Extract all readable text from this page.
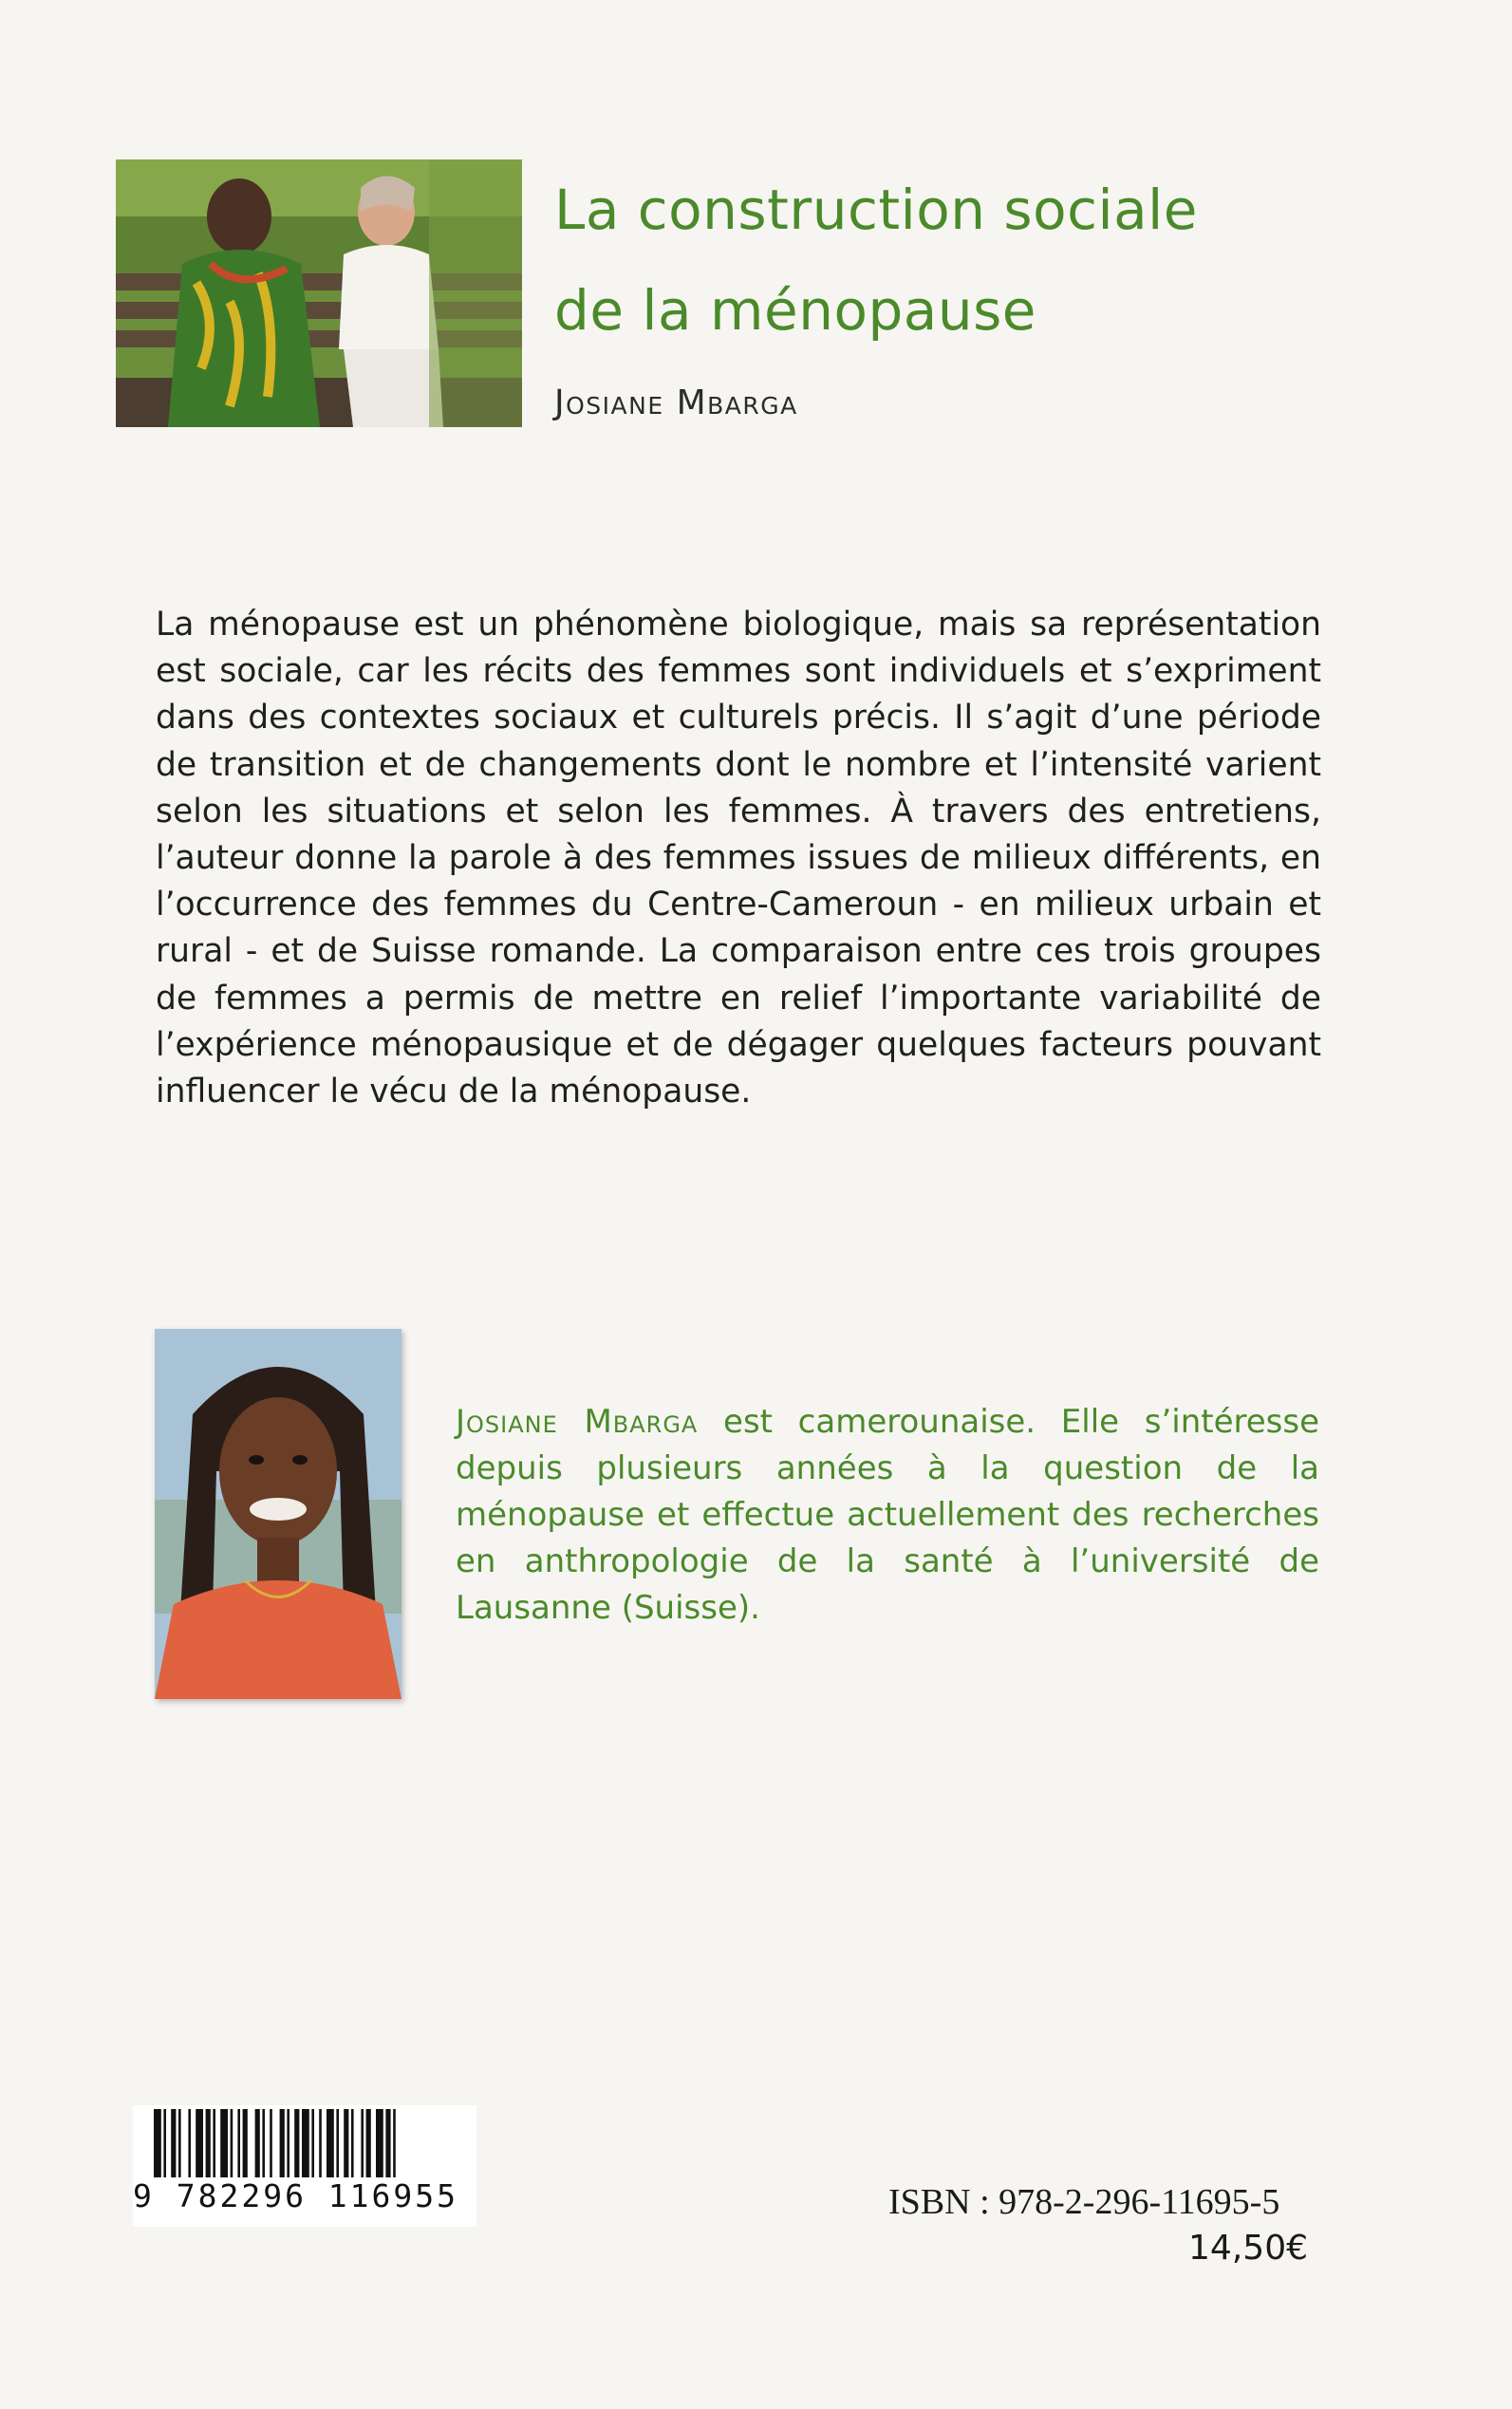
La construction sociale
de la ménopause
Josiane Mbarga

La ménopause est un phénomène biologique, mais sa représentation est sociale, car les récits des femmes sont individuels et s’expriment dans des contextes sociaux et culturels précis. Il s’agit d’une période de transition et de changements dont le nombre et l’intensité varient selon les situations et selon les femmes. À travers des entretiens, l’auteur donne la parole à des femmes issues de milieux différents, en l’occurrence des femmes du Centre-Cameroun - en milieux urbain et rural - et de Suisse romande. La comparaison entre ces trois groupes de femmes a permis de mettre en relief l’importante variabilité de l’expérience ménopausique et de dégager quelques facteurs pouvant influencer le vécu de la ménopause.

Josiane Mbarga est camerounaise. Elle s’intéresse depuis plusieurs années à la question de la ménopause et effectue actuellement des recherches en anthropologie de la santé à l’université de Lausanne (Suisse).

9 782296 116955	ISBN : 978-2-296-11695-5
14,50€
